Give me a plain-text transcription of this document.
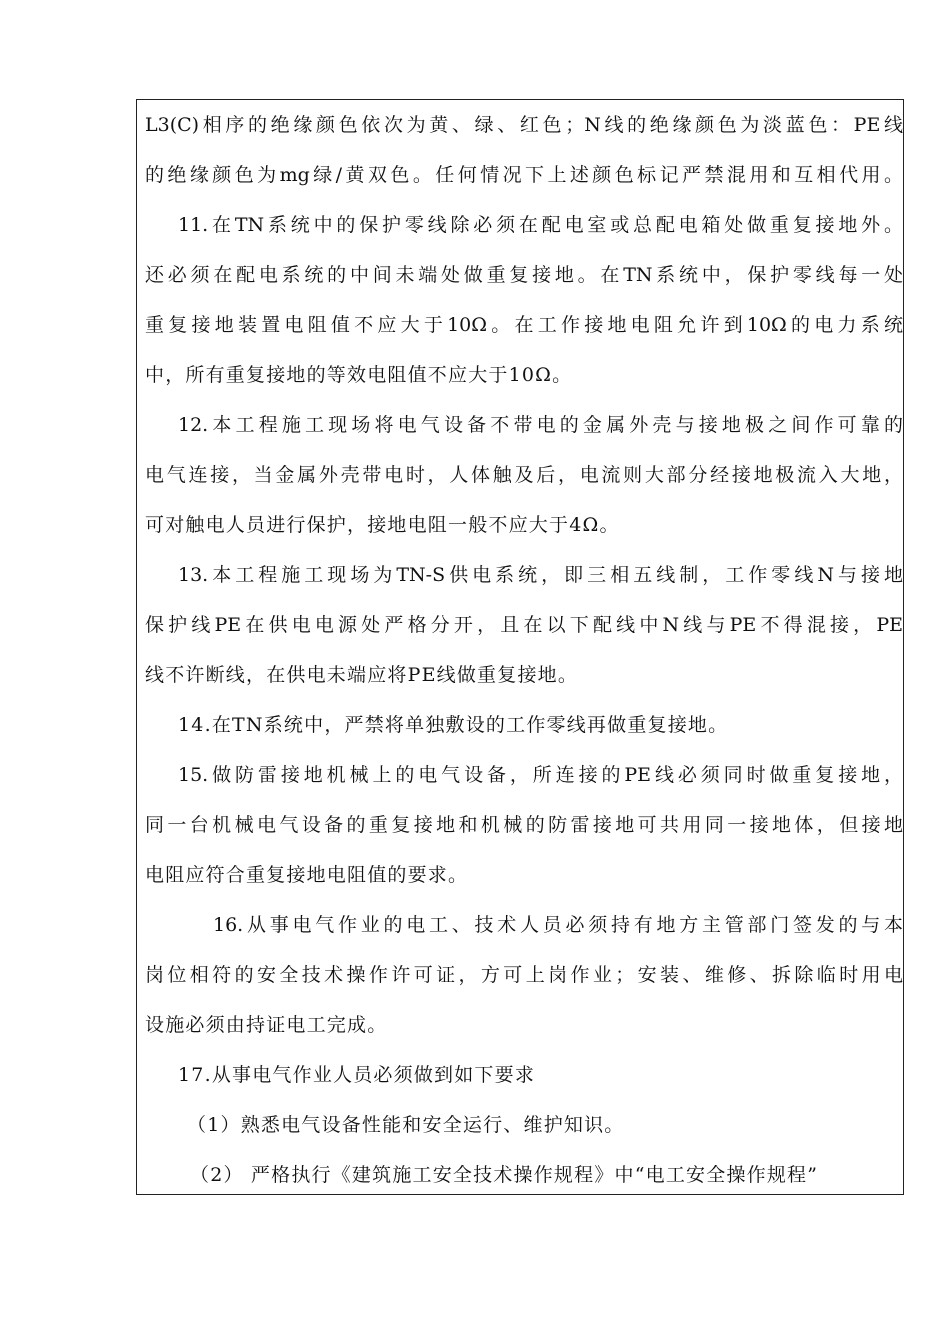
L3(C)相序的绝缘颜色依次为黄、绿、红色；N线的绝缘颜色为淡蓝色：PE线
的绝缘颜色为mg绿/黄双色。任何情况下上述颜色标记严禁混用和互相代用。
11.在TN系统中的保护零线除必须在配电室或总配电箱处做重复接地外。
还必须在配电系统的中间未端处做重复接地。在TN系统中，保护零线每一处
重复接地装置电阻值不应大于10Ω。在工作接地电阻允许到10Ω的电力系统
中，所有重复接地的等效电阻值不应大于10Ω。
12.本工程施工现场将电气设备不带电的金属外壳与接地极之间作可靠的
电气连接，当金属外壳带电时，人体触及后，电流则大部分经接地极流入大地，
可对触电人员进行保护，接地电阻一般不应大于4Ω。
13.本工程施工现场为TN-S供电系统，即三相五线制，工作零线N与接地
保护线PE在供电电源处严格分开，且在以下配线中N线与PE不得混接，PE
线不许断线，在供电未端应将PE线做重复接地。
14.在TN系统中，严禁将单独敷设的工作零线再做重复接地。
15.做防雷接地机械上的电气设备，所连接的PE线必须同时做重复接地，
同一台机械电气设备的重复接地和机械的防雷接地可共用同一接地体，但接地
电阻应符合重复接地电阻值的要求。
16.从事电气作业的电工、技术人员必须持有地方主管部门签发的与本
岗位相符的安全技术操作许可证，方可上岗作业；安装、维修、拆除临时用电
设施必须由持证电工完成。
17.从事电气作业人员必须做到如下要求
（1）熟悉电气设备性能和安全运行、维护知识。
（2） 严格执行《建筑施工安全技术操作规程》中“电工安全操作规程”
